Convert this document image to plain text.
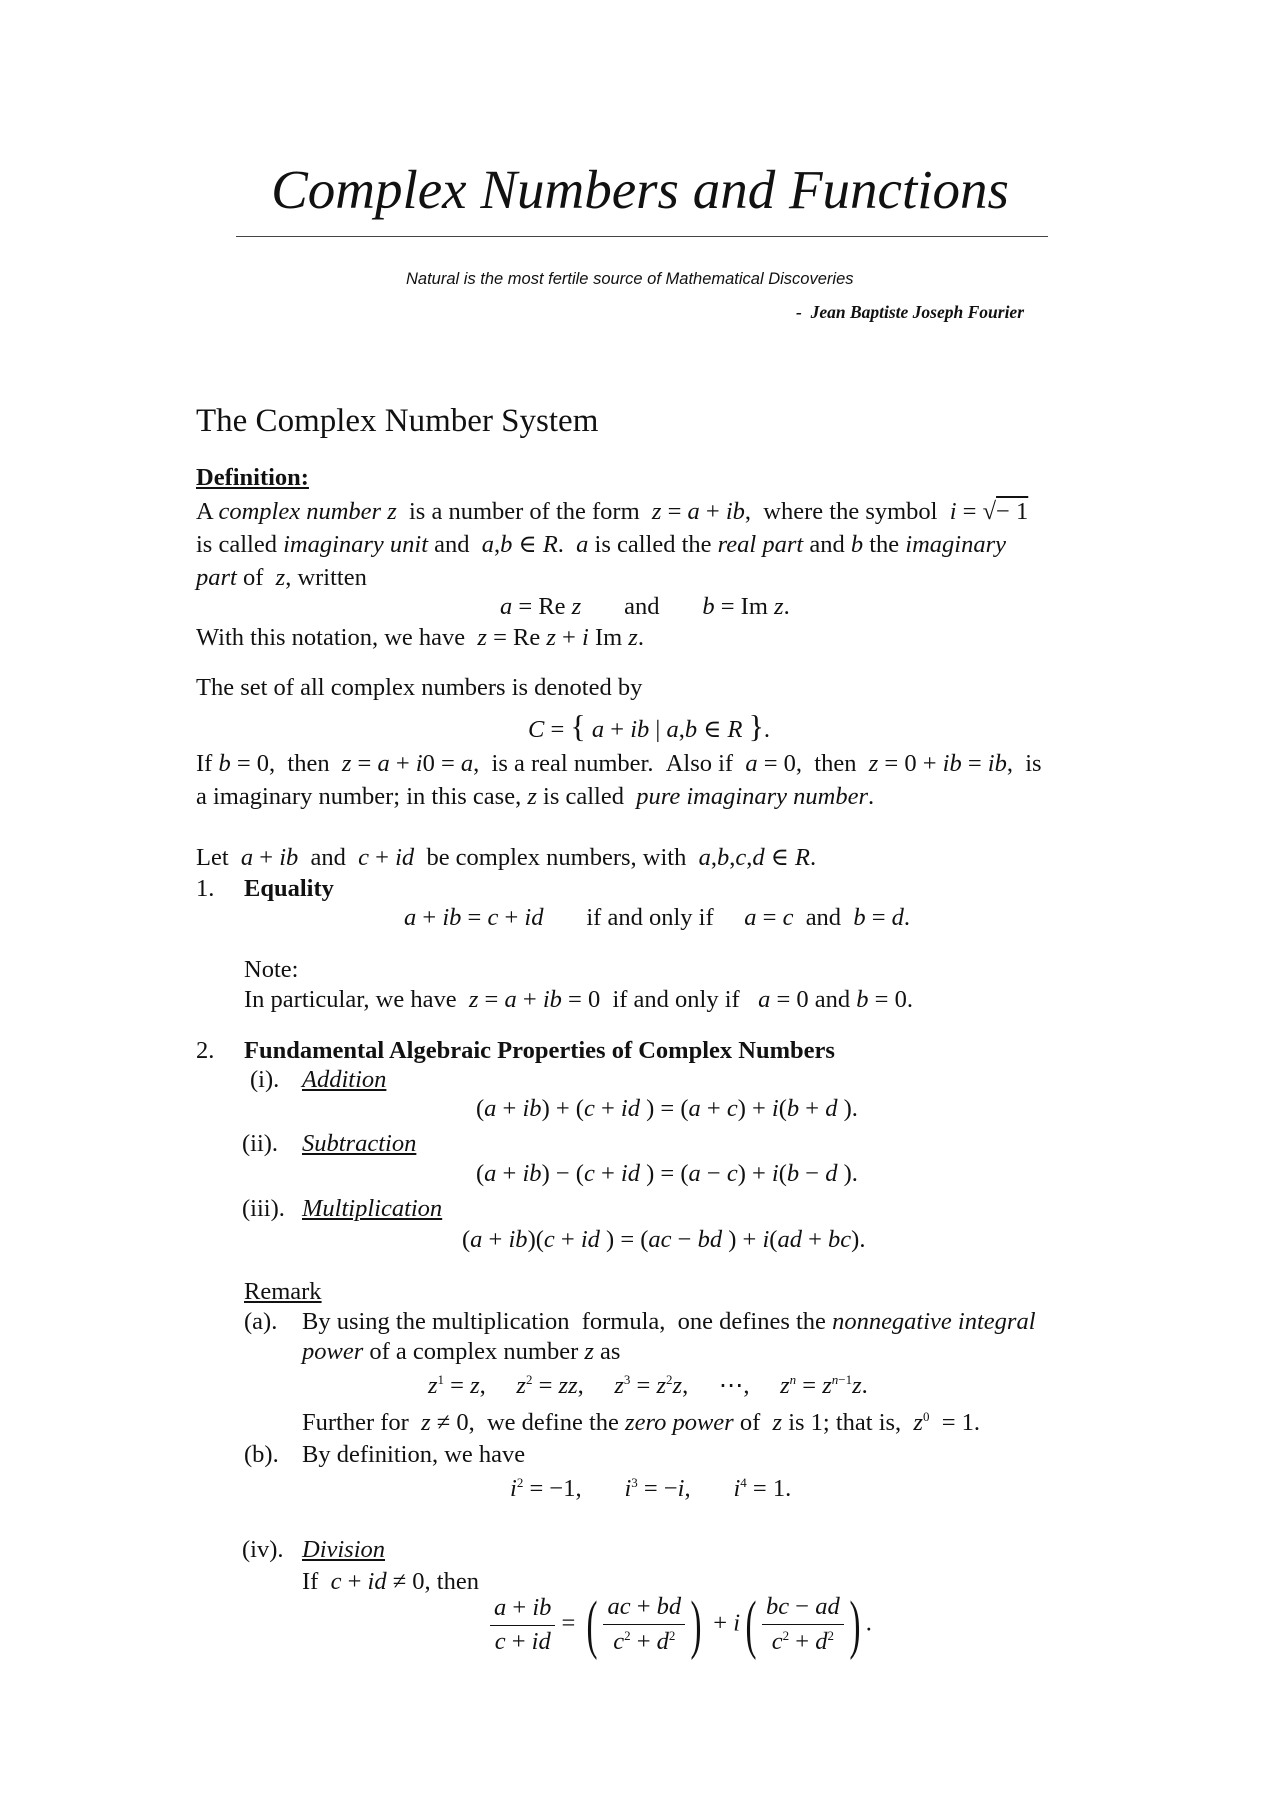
Complex Numbers and Functions
Natural is the most fertile source of Mathematical Discoveries
- Jean Baptiste Joseph Fourier
The Complex Number System
Definition:
A complex number z  is a number of the form  z = a + ib,  where the symbol  i = √− 1
is called imaginary unit and  a,b ∈ R.  a is called the real part and b the imaginary
part of  z, written
a = Re z       and       b = Im z.
With this notation, we have  z = Re z + i Im z.
The set of all complex numbers is denoted by
C = { a + ib | a,b ∈ R }.
If b = 0,  then  z = a + i0 = a,  is a real number.  Also if  a = 0,  then  z = 0 + ib = ib,  is
a imaginary number; in this case, z is called  pure imaginary number.
Let  a + ib  and  c + id  be complex numbers, with  a,b,c,d ∈ R.
1. Equality
a + ib = c + id       if and only if     a = c  and  b = d.
Note:
In particular, we have  z = a + ib = 0  if and only if   a = 0 and b = 0.
2. Fundamental Algebraic Properties of Complex Numbers
(i). Addition
(a + ib) + (c + id ) = (a + c) + i(b + d ).
(ii). Subtraction
(a + ib) − (c + id ) = (a − c) + i(b − d ).
(iii). Multiplication
(a + ib)(c + id ) = (ac − bd ) + i(ad + bc).
Remark
(a). By using the multiplication  formula,  one defines the nonnegative integral
power of a complex number z as
$z^1 = z$,     $z^2$ = zz,     $z^3 = z^2z$,     ⋯,     $z^n = z^{n-1}z$.
Further for  z ≠ 0,  we define the zero power of  z is 1; that is,  $z^0 = 1$.
(b). By definition, we have
$i^2 = -1$,       $i^3 = -i$,       $i^4 = 1$.
(iv). Division
If  c + id ≠ 0, then
$\frac{a + ib}{c + id}$ = ( $\frac{ac + bd}{c^2 + d^2}$ ) + $i( \frac{bc - ad}{c^2 + d^2}$ ) .
